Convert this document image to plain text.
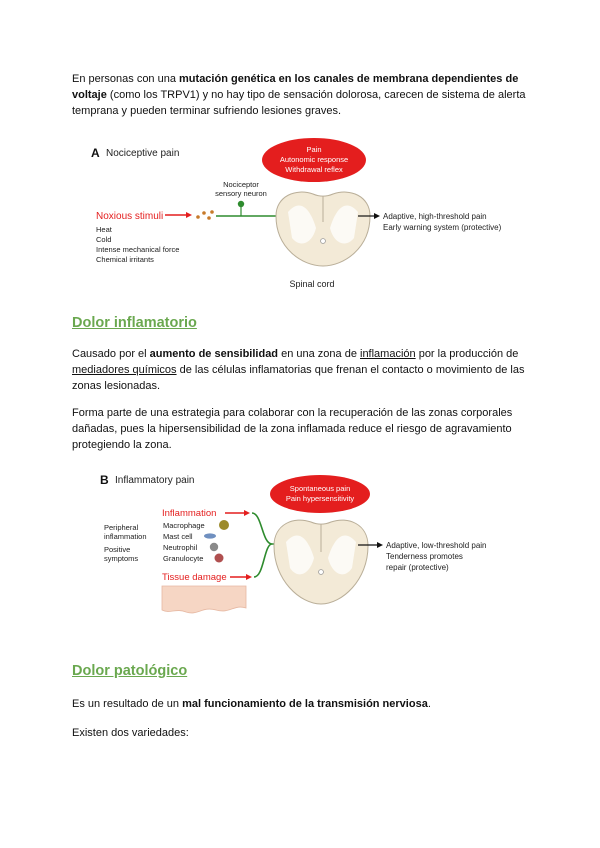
En personas con una mutación genética en los canales de membrana dependientes de voltaje (como los TRPV1) y no hay tipo de sensación dolorosa, carecen de sistema de alerta temprana y pueden terminar sufriendo lesiones graves.

A Nociceptive pain	Pain
Autonomic response
Withdrawal reflex
Nociceptor
sensory neuron
Noxious stimuli
Heat
Cold
Intense mechanical force
Chemical irritants
Adaptive, high-threshold pain
Early warning system (protective)
Spinal cord
Dolor inflamatorio

Causado por el aumento de sensibilidad en una zona de inflamación por la producción de mediadores químicos de las células inflamatorias que frenan el contacto o movimiento de las zonas lesionadas.

Forma parte de una estrategia para colaborar con la recuperación de las zonas corporales dañadas, pues la hipersensibilidad de la zona inflamada reduce el riesgo de agravamiento protegiendo la zona.

B Inflammatory pain
Spontaneous pain
Pain hypersensitivity
Inflammation
Peripheral
inflammation
Positive
symptoms
Macrophage
Mast cell
Neutrophil
Granulocyte
Tissue damage
Adaptive, low-threshold pain
Tenderness promotes
repair (protective)
Dolor patológico

Es un resultado de un mal funcionamiento de la transmisión nerviosa.

Existen dos variedades:
